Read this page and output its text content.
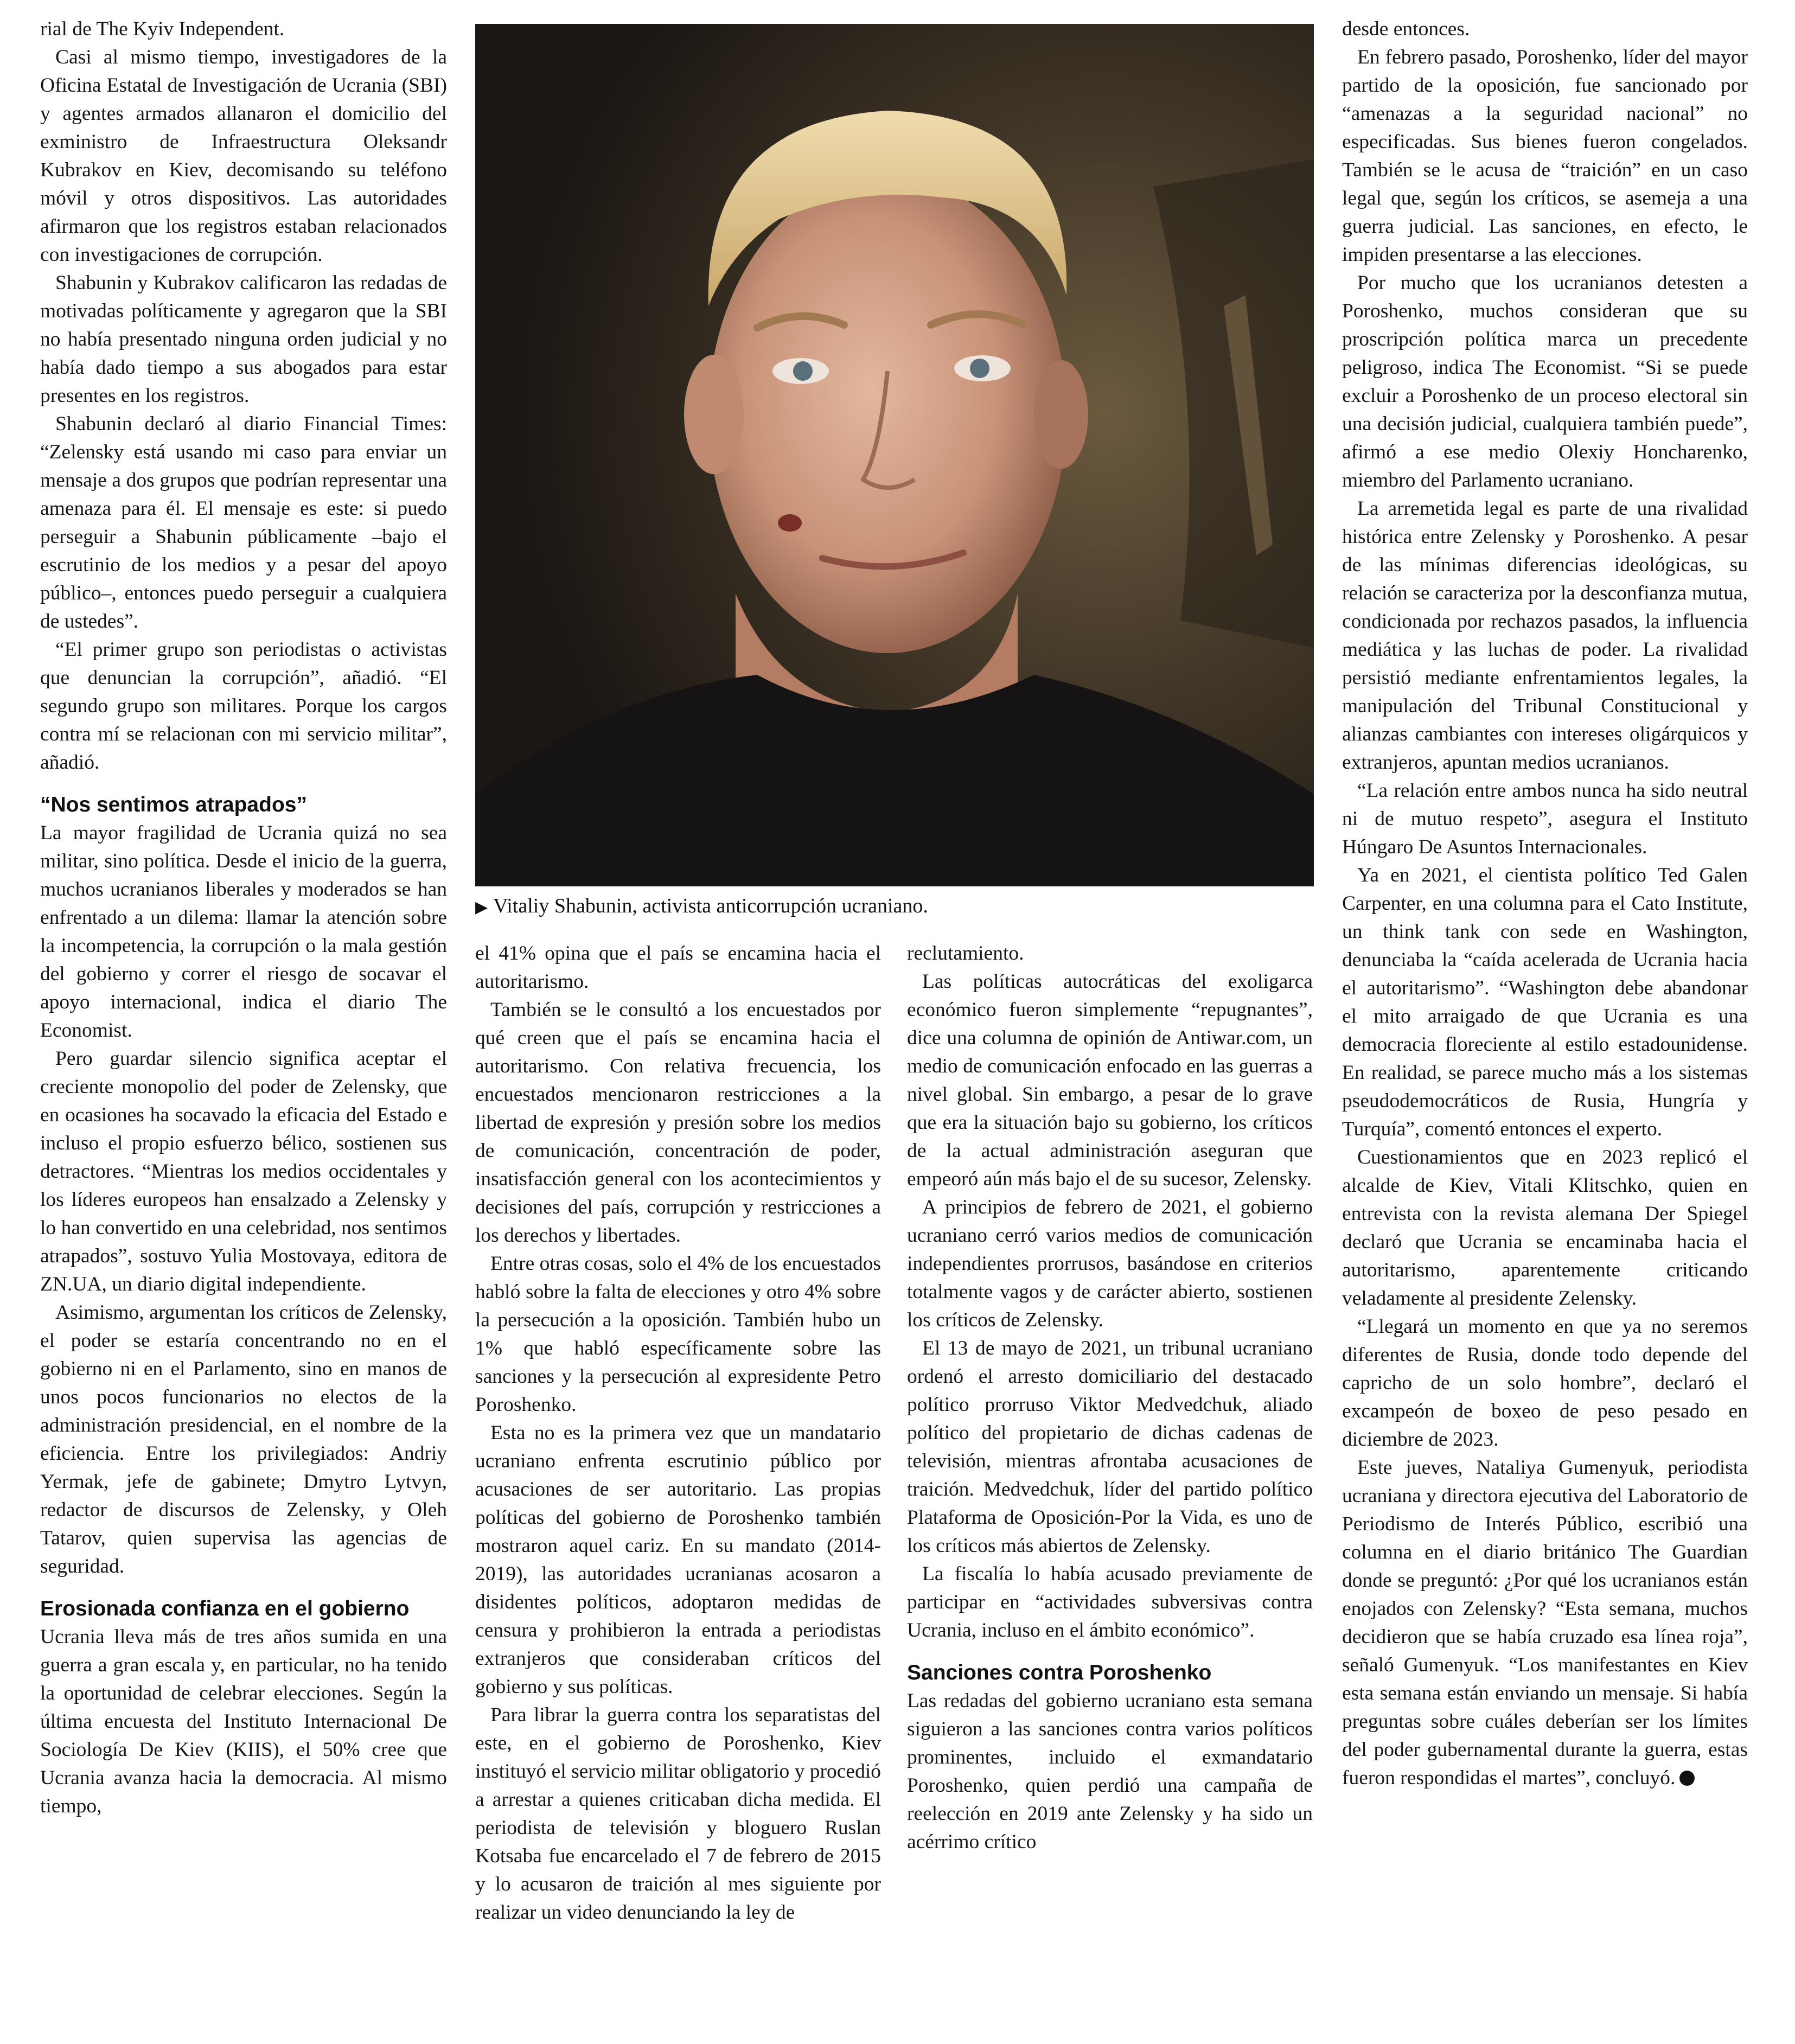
rial de The Kyiv Independent.

Casi al mismo tiempo, investigadores de la Oficina Estatal de Investigación de Ucrania (SBI) y agentes armados allanaron el domicilio del exministro de Infraestructura Oleksandr Kubrakov en Kiev, decomisando su teléfono móvil y otros dispositivos. Las autoridades afirmaron que los registros estaban relacionados con investigaciones de corrupción.

Shabunin y Kubrakov calificaron las redadas de motivadas políticamente y agregaron que la SBI no había presentado ninguna orden judicial y no había dado tiempo a sus abogados para estar presentes en los registros.

Shabunin declaró al diario Financial Times: “Zelensky está usando mi caso para enviar un mensaje a dos grupos que podrían representar una amenaza para él. El mensaje es este: si puedo perseguir a Shabunin públicamente –bajo el escrutinio de los medios y a pesar del apoyo público–, entonces puedo perseguir a cualquiera de ustedes”.

“El primer grupo son periodistas o activistas que denuncian la corrupción”, añadió. “El segundo grupo son militares. Porque los cargos contra mí se relacionan con mi servicio militar”, añadió.

“Nos sentimos atrapados”

La mayor fragilidad de Ucrania quizá no sea militar, sino política. Desde el inicio de la guerra, muchos ucranianos liberales y moderados se han enfrentado a un dilema: llamar la atención sobre la incompetencia, la corrupción o la mala gestión del gobierno y correr el riesgo de socavar el apoyo internacional, indica el diario The Economist.

Pero guardar silencio significa aceptar el creciente monopolio del poder de Zelensky, que en ocasiones ha socavado la eficacia del Estado e incluso el propio esfuerzo bélico, sostienen sus detractores. “Mientras los medios occidentales y los líderes europeos han ensalzado a Zelensky y lo han convertido en una celebridad, nos sentimos atrapados”, sostuvo Yulia Mostovaya, editora de ZN.UA, un diario digital independiente.

Asimismo, argumentan los críticos de Zelensky, el poder se estaría concentrando no en el gobierno ni en el Parlamento, sino en manos de unos pocos funcionarios no electos de la administración presidencial, en el nombre de la eficiencia. Entre los privilegiados: Andriy Yermak, jefe de gabinete; Dmytro Lytvyn, redactor de discursos de Zelensky, y Oleh Tatarov, quien supervisa las agencias de seguridad.

Erosionada confianza en el gobierno

Ucrania lleva más de tres años sumida en una guerra a gran escala y, en particular, no ha tenido la oportunidad de celebrar elecciones. Según la última encuesta del Instituto Internacional De Sociología De Kiev (KIIS), el 50% cree que Ucrania avanza hacia la democracia. Al mismo tiempo,

▶ Vitaliy Shabunin, activista anticorrupción ucraniano.

el 41% opina que el país se encamina hacia el autoritarismo.

También se le consultó a los encuestados por qué creen que el país se encamina hacia el autoritarismo. Con relativa frecuencia, los encuestados mencionaron restricciones a la libertad de expresión y presión sobre los medios de comunicación, concentración de poder, insatisfacción general con los acontecimientos y decisiones del país, corrupción y restricciones a los derechos y libertades.

Entre otras cosas, solo el 4% de los encuestados habló sobre la falta de elecciones y otro 4% sobre la persecución a la oposición. También hubo un 1% que habló específicamente sobre las sanciones y la persecución al expresidente Petro Poroshenko.

Esta no es la primera vez que un mandatario ucraniano enfrenta escrutinio público por acusaciones de ser autoritario. Las propias políticas del gobierno de Poroshenko también mostraron aquel cariz. En su mandato (2014-2019), las autoridades ucranianas acosaron a disidentes políticos, adoptaron medidas de censura y prohibieron la entrada a periodistas extranjeros que consideraban críticos del gobierno y sus políticas.

Para librar la guerra contra los separatistas del este, en el gobierno de Poroshenko, Kiev instituyó el servicio militar obligatorio y procedió a arrestar a quienes criticaban dicha medida. El periodista de televisión y bloguero Ruslan Kotsaba fue encarcelado el 7 de febrero de 2015 y lo acusaron de traición al mes siguiente por realizar un video denunciando la ley de

reclutamiento.

Las políticas autocráticas del exoligarca económico fueron simplemente “repugnantes”, dice una columna de opinión de Antiwar.com, un medio de comunicación enfocado en las guerras a nivel global. Sin embargo, a pesar de lo grave que era la situación bajo su gobierno, los críticos de la actual administración aseguran que empeoró aún más bajo el de su sucesor, Zelensky.

A principios de febrero de 2021, el gobierno ucraniano cerró varios medios de comunicación independientes prorrusos, basándose en criterios totalmente vagos y de carácter abierto, sostienen los críticos de Zelensky.

El 13 de mayo de 2021, un tribunal ucraniano ordenó el arresto domiciliario del destacado político prorruso Viktor Medvedchuk, aliado político del propietario de dichas cadenas de televisión, mientras afrontaba acusaciones de traición. Medvedchuk, líder del partido político Plataforma de Oposición-Por la Vida, es uno de los críticos más abiertos de Zelensky.

La fiscalía lo había acusado previamente de participar en “actividades subversivas contra Ucrania, incluso en el ámbito económico”.

Sanciones contra Poroshenko

Las redadas del gobierno ucraniano esta semana siguieron a las sanciones contra varios políticos prominentes, incluido el exmandatario Poroshenko, quien perdió una campaña de reelección en 2019 ante Zelensky y ha sido un acérrimo crítico

desde entonces.

En febrero pasado, Poroshenko, líder del mayor partido de la oposición, fue sancionado por “amenazas a la seguridad nacional” no especificadas. Sus bienes fueron congelados. También se le acusa de “traición” en un caso legal que, según los críticos, se asemeja a una guerra judicial. Las sanciones, en efecto, le impiden presentarse a las elecciones.

Por mucho que los ucranianos detesten a Poroshenko, muchos consideran que su proscripción política marca un precedente peligroso, indica The Economist. “Si se puede excluir a Poroshenko de un proceso electoral sin una decisión judicial, cualquiera también puede”, afirmó a ese medio Olexiy Honcharenko, miembro del Parlamento ucraniano.

La arremetida legal es parte de una rivalidad histórica entre Zelensky y Poroshenko. A pesar de las mínimas diferencias ideológicas, su relación se caracteriza por la desconfianza mutua, condicionada por rechazos pasados, la influencia mediática y las luchas de poder. La rivalidad persistió mediante enfrentamientos legales, la manipulación del Tribunal Constitucional y alianzas cambiantes con intereses oligárquicos y extranjeros, apuntan medios ucranianos.

“La relación entre ambos nunca ha sido neutral ni de mutuo respeto”, asegura el Instituto Húngaro De Asuntos Internacionales.

Ya en 2021, el cientista político Ted Galen Carpenter, en una columna para el Cato Institute, un think tank con sede en Washington, denunciaba la “caída acelerada de Ucrania hacia el autoritarismo”. “Washington debe abandonar el mito arraigado de que Ucrania es una democracia floreciente al estilo estadounidense. En realidad, se parece mucho más a los sistemas pseudodemocráticos de Rusia, Hungría y Turquía”, comentó entonces el experto.

Cuestionamientos que en 2023 replicó el alcalde de Kiev, Vitali Klitschko, quien en entrevista con la revista alemana Der Spiegel declaró que Ucrania se encaminaba hacia el autoritarismo, aparentemente criticando veladamente al presidente Zelensky.

“Llegará un momento en que ya no seremos diferentes de Rusia, donde todo depende del capricho de un solo hombre”, declaró el excampeón de boxeo de peso pesado en diciembre de 2023.

Este jueves, Nataliya Gumenyuk, periodista ucraniana y directora ejecutiva del Laboratorio de Periodismo de Interés Público, escribió una columna en el diario británico The Guardian donde se preguntó: ¿Por qué los ucranianos están enojados con Zelensky? “Esta semana, muchos decidieron que se había cruzado esa línea roja”, señaló Gumenyuk. “Los manifestantes en Kiev esta semana están enviando un mensaje. Si había preguntas sobre cuáles deberían ser los límites del poder gubernamental durante la guerra, estas fueron respondidas el martes”, concluyó.
